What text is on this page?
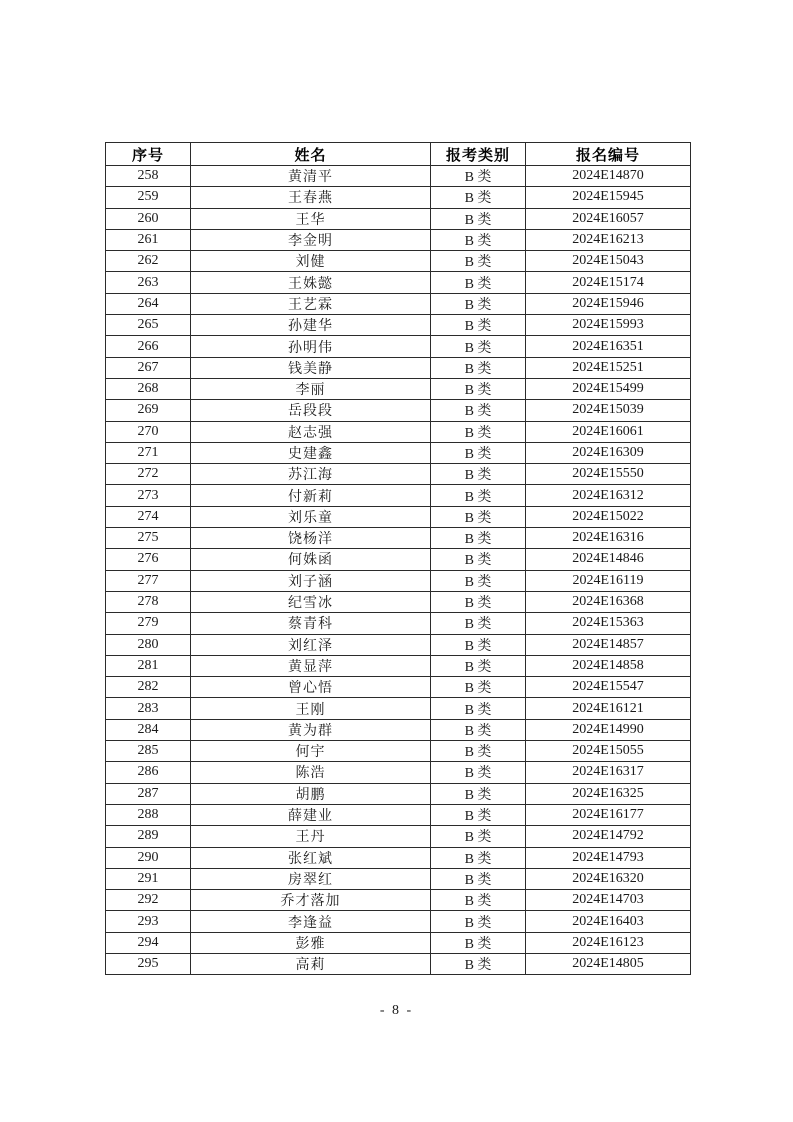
序号	姓名	报考类别	报名编号
258	黄清平	B 类	2024E14870
259	王春燕	B 类	2024E15945
260	王华	B 类	2024E16057
261	李金明	B 类	2024E16213
262	刘健	B 类	2024E15043
263	王姝懿	B 类	2024E15174
264	王艺霖	B 类	2024E15946
265	孙建华	B 类	2024E15993
266	孙明伟	B 类	2024E16351
267	钱美静	B 类	2024E15251
268	李丽	B 类	2024E15499
269	岳段段	B 类	2024E15039
270	赵志强	B 类	2024E16061
271	史建鑫	B 类	2024E16309
272	苏江海	B 类	2024E15550
273	付新莉	B 类	2024E16312
274	刘乐童	B 类	2024E15022
275	饶杨洋	B 类	2024E16316
276	何姝函	B 类	2024E14846
277	刘子涵	B 类	2024E16119
278	纪雪冰	B 类	2024E16368
279	蔡青科	B 类	2024E15363
280	刘红泽	B 类	2024E14857
281	黄显萍	B 类	2024E14858
282	曾心悟	B 类	2024E15547
283	王刚	B 类	2024E16121
284	黄为群	B 类	2024E14990
285	何宇	B 类	2024E15055
286	陈浩	B 类	2024E16317
287	胡鹏	B 类	2024E16325
288	薛建业	B 类	2024E16177
289	王丹	B 类	2024E14792
290	张红斌	B 类	2024E14793
291	房翠红	B 类	2024E16320
292	乔才落加	B 类	2024E14703
293	李逢益	B 类	2024E16403
294	彭雅	B 类	2024E16123
295	高莉	B 类	2024E14805
- 8 -
